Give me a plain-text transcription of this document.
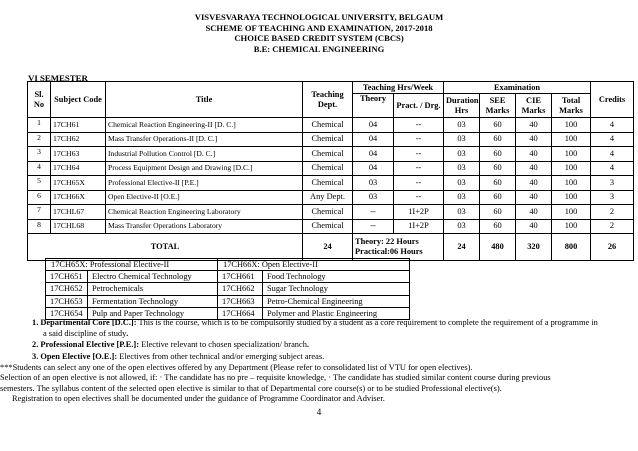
VISVESVARAYA TECHNOLOGICAL UNIVERSITY, BELGAUM
SCHEME OF TEACHING AND EXAMINATION, 2017-2018
CHOICE BASED CREDIT SYSTEM (CBCS)
B.E: CHEMICAL ENGINEERING
VI SEMESTER
Sl. No	Subject Code	Title	Teaching Dept.	Teaching Hrs/Week		Examination				Credits
				Theory	Pract. / Drg.	Duration Hrs	SEE Marks	CIE Marks	Total Marks	
1	17CH61	Chemical Reaction Engineering-II [D. C.]	Chemical	04	--	03	60	40	100	4
2	17CH62	Mass Transfer Operations-II [D. C.]	Chemical	04	--	03	60	40	100	4
3	17CH63	Industrial Pollution Control [D. C.]	Chemical	04	--	03	60	40	100	4
4	17CH64	Process Equipment Design and Drawing [D.C.]	Chemical	04	--	03	60	40	100	4
5	17CH65X	Professional Elective-II [P.E.]	Chemical	03	--	03	60	40	100	3
6	17CH66X	Open Elective-II [O.E.]	Any Dept.	03	--	03	60	40	100	3
7	17CHL67	Chemical Reaction Engineering Laboratory	Chemical	--	1I+2P	03	60	40	100	2
8	17CHL68	Mass Transfer Operations Laboratory	Chemical	--	1I+2P	03	60	40	100	2
TOTAL			24	Theory: 22 Hours
Practical:06 Hours		24	480	320	800	26
17CH65X: Professional Elective-II		17CH66X: Open Elective-II	
17CH651	Electro Chemical Technology	17CH661	Food Technology
17CH652	Petrochemicals	17CH662	Sugar Technology
17CH653	Fermentation Technology	17CH663	Petro-Chemical Engineering
17CH654	Pulp and Paper Technology	17CH664	Polymer and Plastic Engineering
1. Departmental Core [D.C.]: This is the course, which is to be compulsorily studied by a student as a core requirement to complete the requirement of a programme in
a said discipline of study.
2. Professional Elective [P.E.]: Elective relevant to chosen specialization/ branch.
3. Open Elective [O.E.]: Electives from other technical and/or emerging subject areas.
***Students can select any one of the open electives offered by any Department (Please refer to consolidated list of VTU for open electives).
Selection of an open elective is not allowed, if: · The candidate has no pre – requisite knowledge, · The candidate has studied similar content course during previous
semesters. The syllabus content of the selected open elective is similar to that of Departmental core course(s) or to be studied Professional elective(s).
Registration to open electives shall be documented under the guidance of Programme Coordinator and Adviser.
4
